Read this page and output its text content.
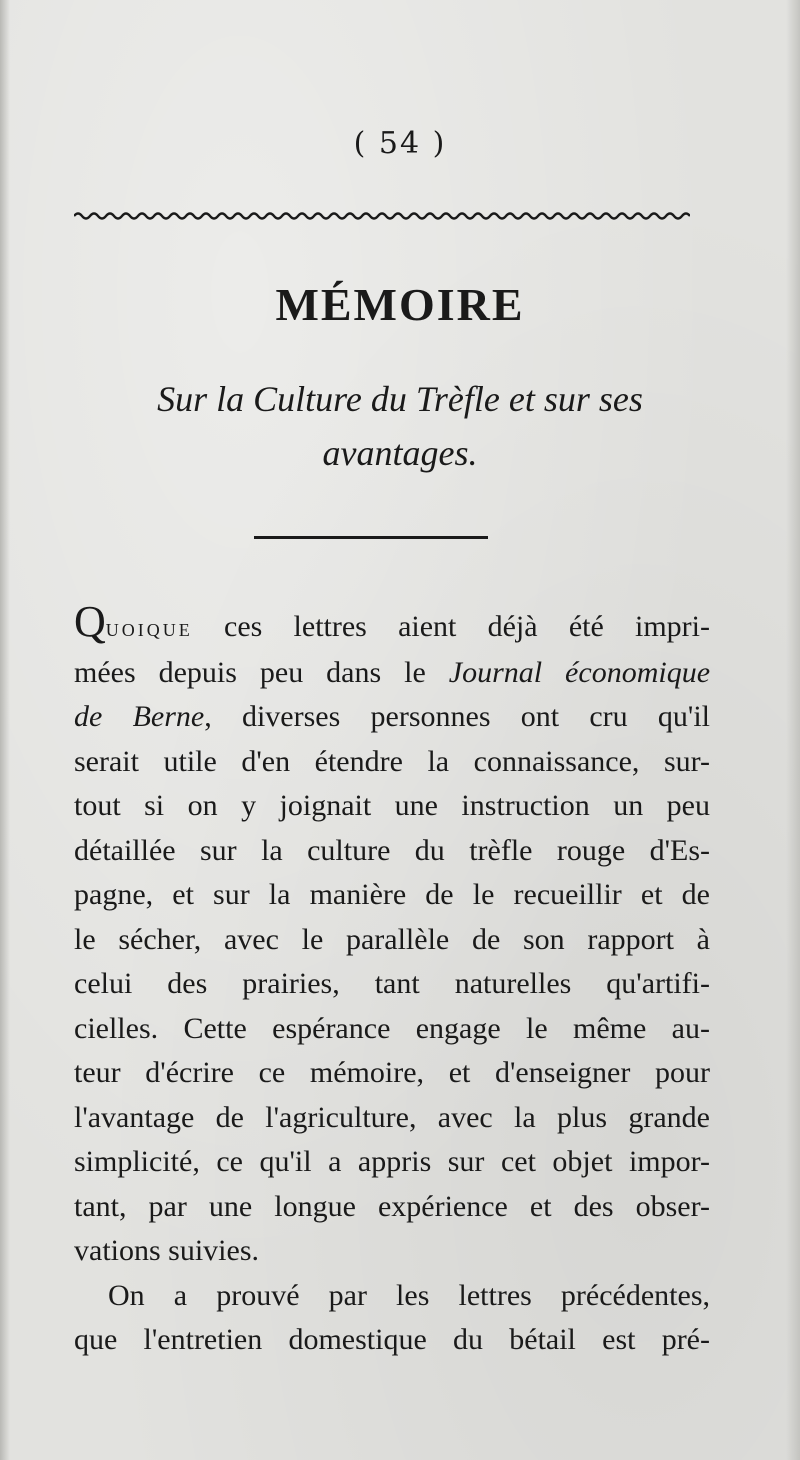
( 54 )
MÉMOIRE
Sur la Culture du Trèfle et sur ses
avantages.
Quoique ces lettres aient déjà été impri-
mées depuis peu dans le Journal économique
de Berne, diverses personnes ont cru qu'il
serait utile d'en étendre la connaissance, sur-
tout si on y joignait une instruction un peu
détaillée sur la culture du trèfle rouge d'Es-
pagne, et sur la manière de le recueillir et de
le sécher, avec le parallèle de son rapport à
celui des prairies, tant naturelles qu'artifi-
cielles. Cette espérance engage le même au-
teur d'écrire ce mémoire, et d'enseigner pour
l'avantage de l'agriculture, avec la plus grande
simplicité, ce qu'il a appris sur cet objet impor-
tant, par une longue expérience et des obser-
vations suivies.
On a prouvé par les lettres précédentes,
que l'entretien domestique du bétail est pré-
